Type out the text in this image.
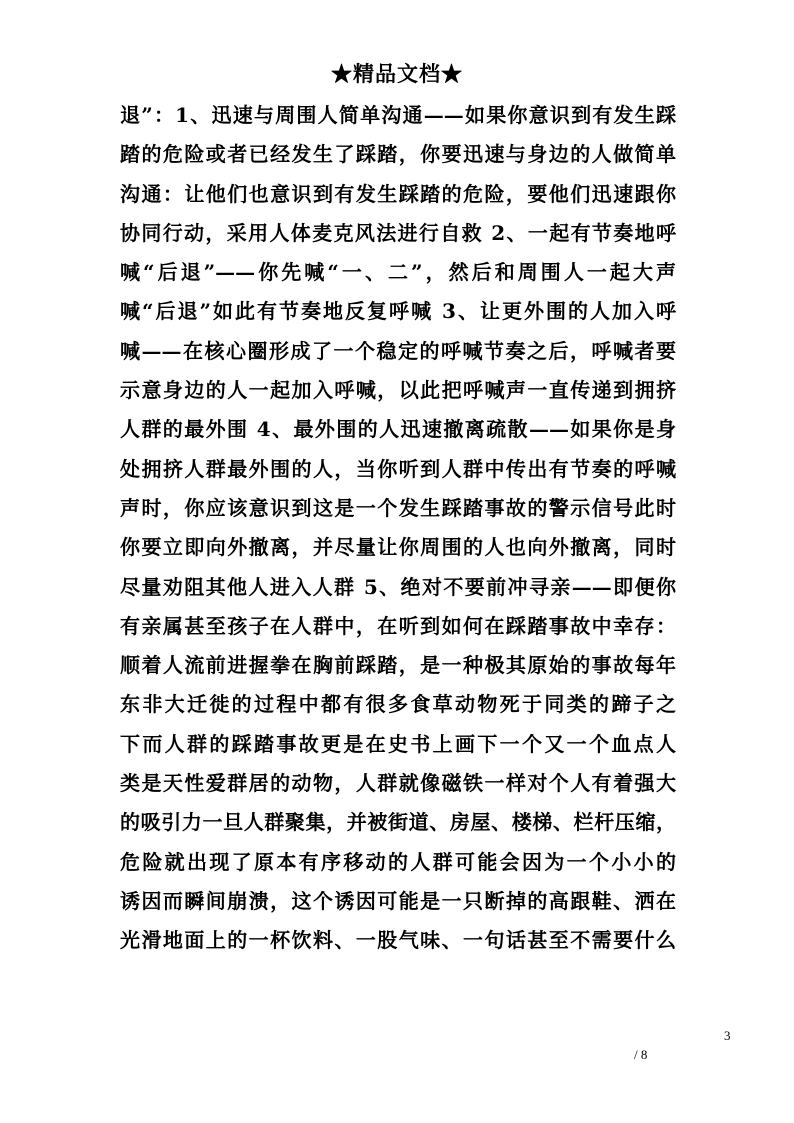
★精品文档★
退”：1、迅速与周围人简单沟通——如果你意识到有发生踩
踏的危险或者已经发生了踩踏，你要迅速与身边的人做简单
沟通：让他们也意识到有发生踩踏的危险，要他们迅速跟你
协同行动，采用人体麦克风法进行自救 2、一起有节奏地呼
喊“后退”——你先喊“一、二”，然后和周围人一起大声
喊“后退”如此有节奏地反复呼喊 3、让更外围的人加入呼
喊——在核心圈形成了一个稳定的呼喊节奏之后，呼喊者要
示意身边的人一起加入呼喊，以此把呼喊声一直传递到拥挤
人群的最外围 4、最外围的人迅速撤离疏散——如果你是身
处拥挤人群最外围的人，当你听到人群中传出有节奏的呼喊
声时，你应该意识到这是一个发生踩踏事故的警示信号此时
你要立即向外撤离，并尽量让你周围的人也向外撤离，同时
尽量劝阻其他人进入人群 5、绝对不要前冲寻亲——即便你
有亲属甚至孩子在人群中，在听到如何在踩踏事故中幸存：
顺着人流前进握拳在胸前踩踏，是一种极其原始的事故每年
东非大迁徙的过程中都有很多食草动物死于同类的蹄子之
下而人群的踩踏事故更是在史书上画下一个又一个血点人
类是天性爱群居的动物，人群就像磁铁一样对个人有着强大
的吸引力一旦人群聚集，并被街道、房屋、楼梯、栏杆压缩，
危险就出现了原本有序移动的人群可能会因为一个小小的
诱因而瞬间崩溃，这个诱因可能是一只断掉的高跟鞋、洒在
光滑地面上的一杯饮料、一股气味、一句话甚至不需要什么
3
/ 8
